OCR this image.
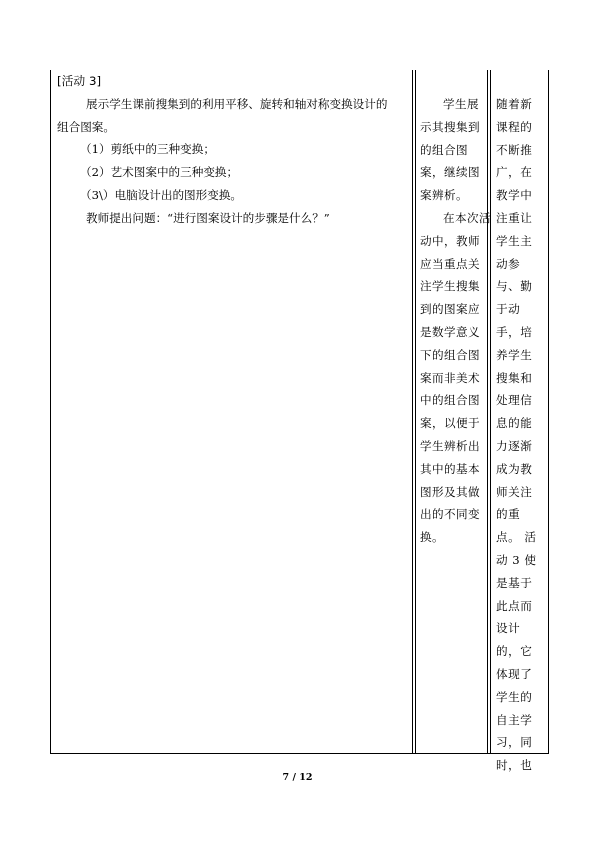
[活动 3]

展示学生课前搜集到的利用平移、旋转和轴对称变换设计的

组合图案。

（1）剪纸中的三种变换；

（2）艺术图案中的三种变换；

（3\）电脑设计出的图形变换。

教师提出问题：“进行图案设计的步骤是什么？”

学生展
示其搜集到
的组合图
案，继续图
案辨析。
在本次活
动中，教师
应当重点关
注学生搜集
到的图案应
是数学意义
下的组合图
案而非美术
中的组合图
案，以便于
学生辨析出
其中的基本
图形及其做
出的不同变
换。
随着新
课程的
不断推
广，在
教学中
注重让
学生主
动参
与、勤
于动
手，培
养学生
搜集和
处理信
息的能
力逐渐
成为教
师关注
的重
点。 活
动 3 使
是基于
此点而
设计
的，它
体现了
学生的
自主学
习，同
时，也
7 / 12
